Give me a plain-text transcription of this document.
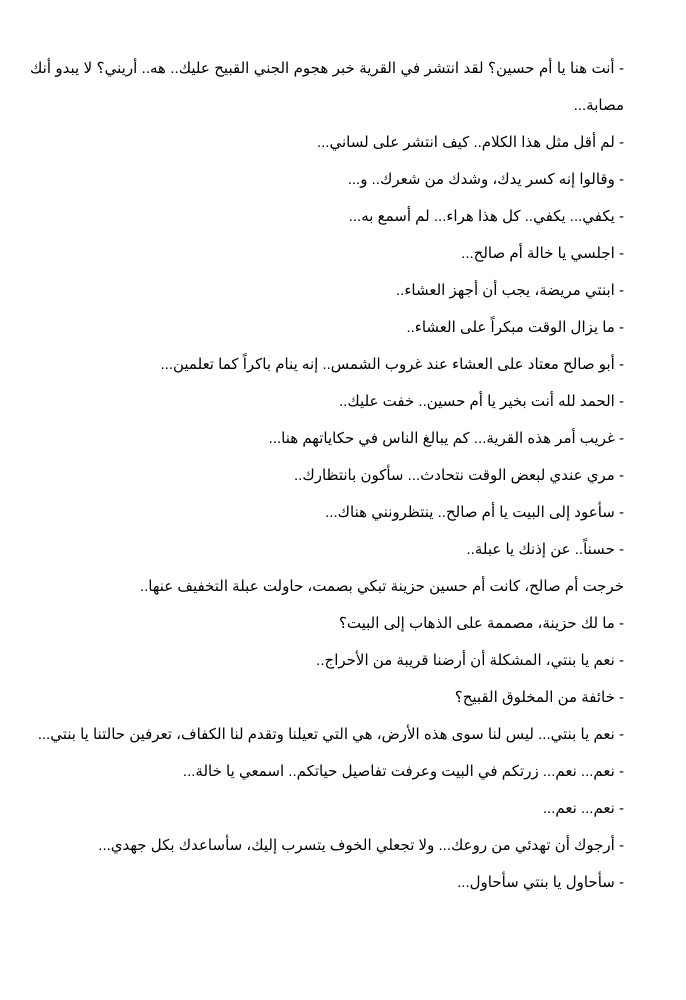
- أنت هنا يا أم حسين؟ لقد انتشر في القرية خبر هجوم الجني القبيح عليك.. هه.. أريني؟ لا يبدو أنك مصابة...

- لم أقل مثل هذا الكلام.. كيف انتشر على لساني...

- وقالوا إنه كسر يدك، وشدك من شعرك.. و...

- يكفي... يكفي.. كل هذا هراء... لم أسمع به...

- اجلسي يا خالة أم صالح...

- ابنتي مريضة، يجب أن أجهز العشاء..

- ما يزال الوقت مبكراً على العشاء..

- أبو صالح معتاد على العشاء عند غروب الشمس.. إنه ينام باكراً كما تعلمين...

- الحمد لله أنت بخير يا أم حسين.. خفت عليك..

- غريب أمر هذه القرية... كم يبالغ الناس في حكاياتهم هنا...

- مري عندي لبعض الوقت نتحادث... سأكون بانتظارك..

- سأعود إلى البيت يا أم صالح.. ينتظرونني هناك...

- حسناً.. عن إذنك يا عبلة..

خرجت أم صالح، كانت أم حسين حزينة تبكي بصمت، حاولت عبلة التخفيف عنها..

- ما لك حزينة، مصممة على الذهاب إلى البيت؟

- نعم يا بنتي، المشكلة أن أرضنا قريبة من الأحراج..

- خائفة من المخلوق القبيح؟

- نعم يا بنتي... ليس لنا سوى هذه الأرض، هي التي تعيلنا وتقدم لنا الكفاف، تعرفين حالتنا يا بنتي...

- نعم... نعم... زرتكم في البيت وعرفت تفاصيل حياتكم.. اسمعي يا خالة...

- نعم... نعم...

- أرجوك أن تهدئي من روعك... ولا تجعلي الخوف يتسرب إليك، سأساعدك بكل جهدي...

- سأحاول يا بنتي سأحاول...
